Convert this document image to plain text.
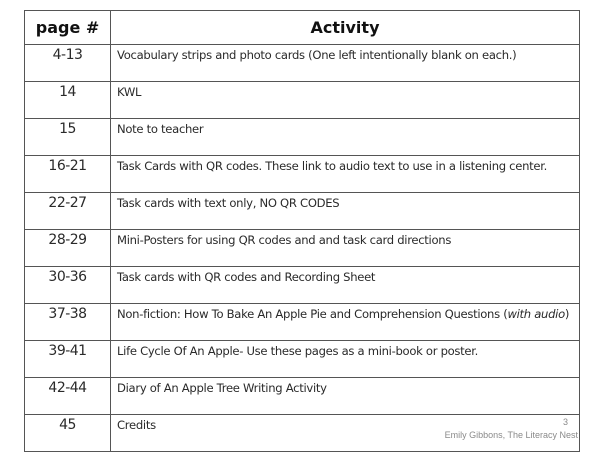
page #	Activity
4-13	Vocabulary strips and photo cards (One left intentionally blank on each.)
14	KWL
15	Note to teacher
16-21	Task Cards with QR codes. These link to audio text to use in a listening center.
22-27	Task cards with text only, NO QR CODES
28-29	Mini-Posters for using QR codes and and task card directions
30-36	Task cards with QR codes and Recording Sheet
37-38	Non-fiction: How To Bake An Apple Pie and Comprehension Questions (with audio)
39-41	Life Cycle Of An Apple- Use these pages as a mini-book or poster.
42-44	Diary of An Apple Tree Writing Activity
45	Credits	3
Emily Gibbons, The Literacy Nest
